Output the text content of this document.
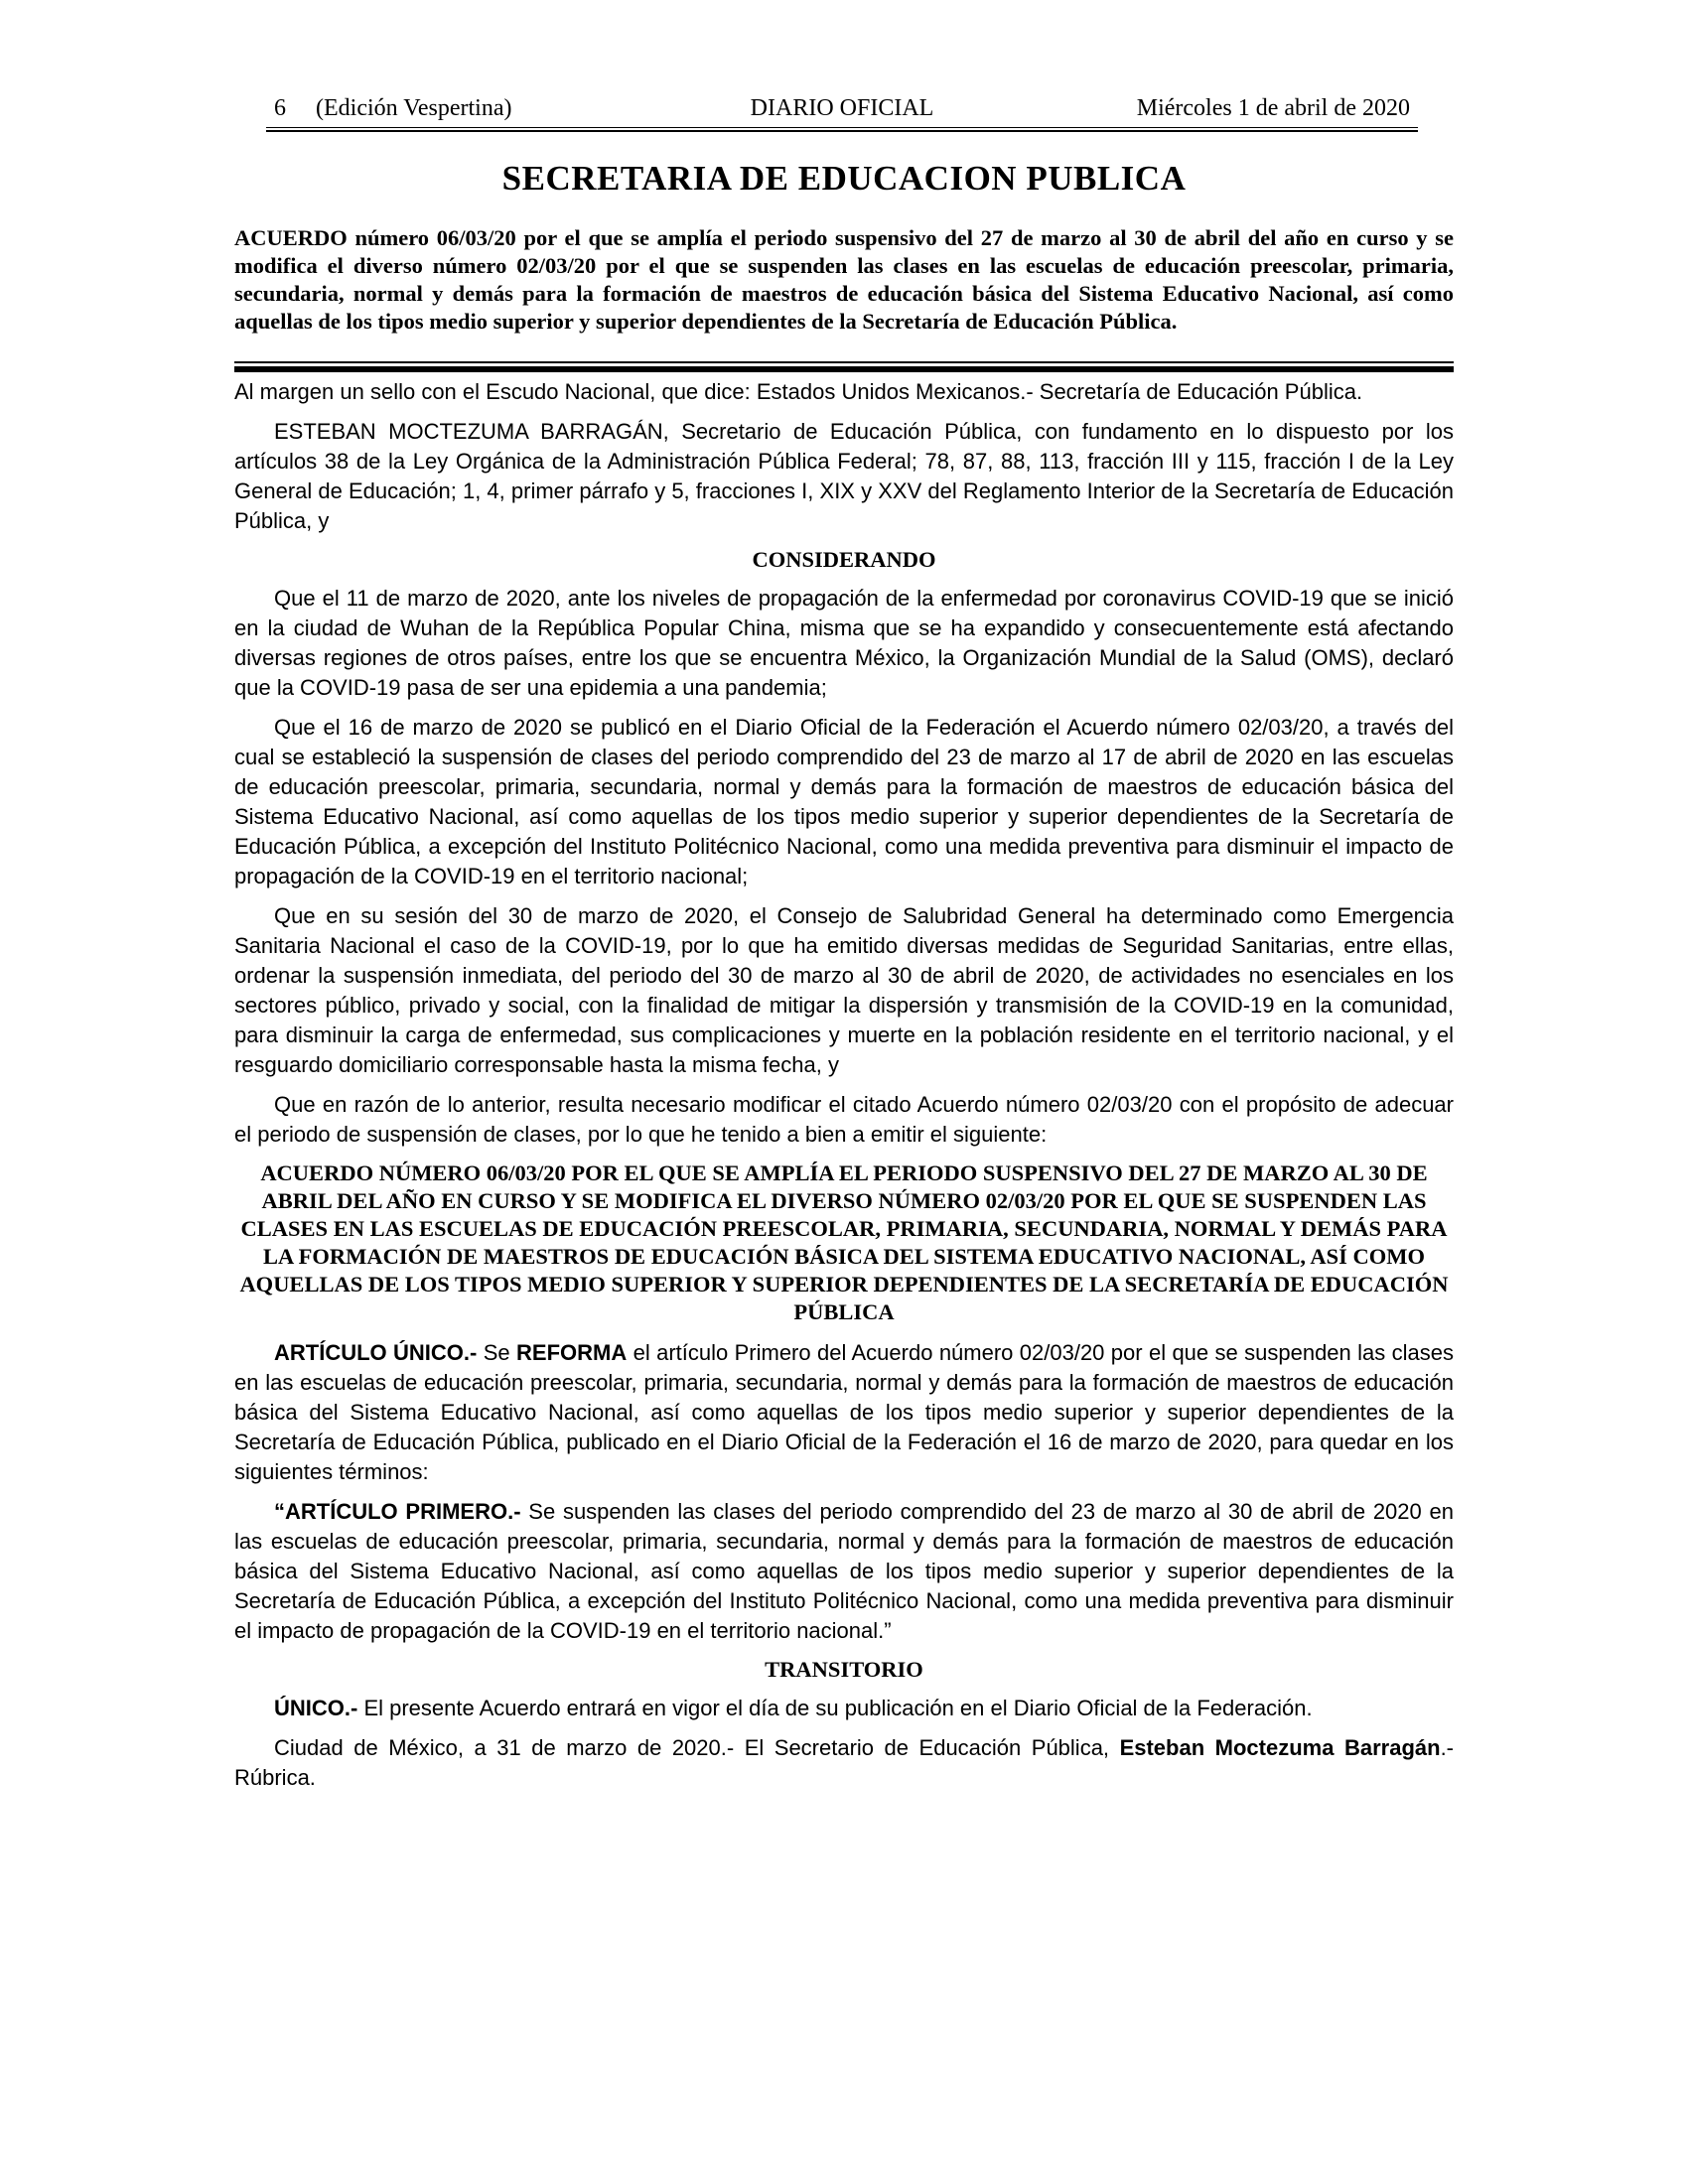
DIARIO OFICIAL
6 (Edición Vespertina)	Miércoles 1 de abril de 2020
SECRETARIA DE EDUCACION PUBLICA
ACUERDO número 06/03/20 por el que se amplía el periodo suspensivo del 27 de marzo al 30 de abril del año en curso y se modifica el diverso número 02/03/20 por el que se suspenden las clases en las escuelas de educación preescolar, primaria, secundaria, normal y demás para la formación de maestros de educación básica del Sistema Educativo Nacional, así como aquellas de los tipos medio superior y superior dependientes de la Secretaría de Educación Pública.

Al margen un sello con el Escudo Nacional, que dice: Estados Unidos Mexicanos.- Secretaría de Educación Pública.

ESTEBAN MOCTEZUMA BARRAGÁN, Secretario de Educación Pública, con fundamento en lo dispuesto por los artículos 38 de la Ley Orgánica de la Administración Pública Federal; 78, 87, 88, 113, fracción III y 115, fracción I de la Ley General de Educación; 1, 4, primer párrafo y 5, fracciones I, XIX y XXV del Reglamento Interior de la Secretaría de Educación Pública, y

CONSIDERANDO

Que el 11 de marzo de 2020, ante los niveles de propagación de la enfermedad por coronavirus COVID-19 que se inició en la ciudad de Wuhan de la República Popular China, misma que se ha expandido y consecuentemente está afectando diversas regiones de otros países, entre los que se encuentra México, la Organización Mundial de la Salud (OMS), declaró que la COVID-19 pasa de ser una epidemia a una pandemia;

Que el 16 de marzo de 2020 se publicó en el Diario Oficial de la Federación el Acuerdo número 02/03/20, a través del cual se estableció la suspensión de clases del periodo comprendido del 23 de marzo al 17 de abril de 2020 en las escuelas de educación preescolar, primaria, secundaria, normal y demás para la formación de maestros de educación básica del Sistema Educativo Nacional, así como aquellas de los tipos medio superior y superior dependientes de la Secretaría de Educación Pública, a excepción del Instituto Politécnico Nacional, como una medida preventiva para disminuir el impacto de propagación de la COVID-19 en el territorio nacional;

Que en su sesión del 30 de marzo de 2020, el Consejo de Salubridad General ha determinado como Emergencia Sanitaria Nacional el caso de la COVID-19, por lo que ha emitido diversas medidas de Seguridad Sanitarias, entre ellas, ordenar la suspensión inmediata, del periodo del 30 de marzo al 30 de abril de 2020, de actividades no esenciales en los sectores público, privado y social, con la finalidad de mitigar la dispersión y transmisión de la COVID-19 en la comunidad, para disminuir la carga de enfermedad, sus complicaciones y muerte en la población residente en el territorio nacional, y el resguardo domiciliario corresponsable hasta la misma fecha, y

Que en razón de lo anterior, resulta necesario modificar el citado Acuerdo número 02/03/20 con el propósito de adecuar el periodo de suspensión de clases, por lo que he tenido a bien a emitir el siguiente:

ACUERDO NÚMERO 06/03/20 POR EL QUE SE AMPLÍA EL PERIODO SUSPENSIVO DEL 27 DE MARZO AL 30 DE ABRIL DEL AÑO EN CURSO Y SE MODIFICA EL DIVERSO NÚMERO 02/03/20 POR EL QUE SE SUSPENDEN LAS CLASES EN LAS ESCUELAS DE EDUCACIÓN PREESCOLAR, PRIMARIA, SECUNDARIA, NORMAL Y DEMÁS PARA LA FORMACIÓN DE MAESTROS DE EDUCACIÓN BÁSICA DEL SISTEMA EDUCATIVO NACIONAL, ASÍ COMO AQUELLAS DE LOS TIPOS MEDIO SUPERIOR Y SUPERIOR DEPENDIENTES DE LA SECRETARÍA DE EDUCACIÓN PÚBLICA

ARTÍCULO ÚNICO.- Se REFORMA el artículo Primero del Acuerdo número 02/03/20 por el que se suspenden las clases en las escuelas de educación preescolar, primaria, secundaria, normal y demás para la formación de maestros de educación básica del Sistema Educativo Nacional, así como aquellas de los tipos medio superior y superior dependientes de la Secretaría de Educación Pública, publicado en el Diario Oficial de la Federación el 16 de marzo de 2020, para quedar en los siguientes términos:

“ARTÍCULO PRIMERO.- Se suspenden las clases del periodo comprendido del 23 de marzo al 30 de abril de 2020 en las escuelas de educación preescolar, primaria, secundaria, normal y demás para la formación de maestros de educación básica del Sistema Educativo Nacional, así como aquellas de los tipos medio superior y superior dependientes de la Secretaría de Educación Pública, a excepción del Instituto Politécnico Nacional, como una medida preventiva para disminuir el impacto de propagación de la COVID-19 en el territorio nacional.”

TRANSITORIO

ÚNICO.- El presente Acuerdo entrará en vigor el día de su publicación en el Diario Oficial de la Federación.

Ciudad de México, a 31 de marzo de 2020.- El Secretario de Educación Pública, Esteban Moctezuma Barragán.- Rúbrica.
